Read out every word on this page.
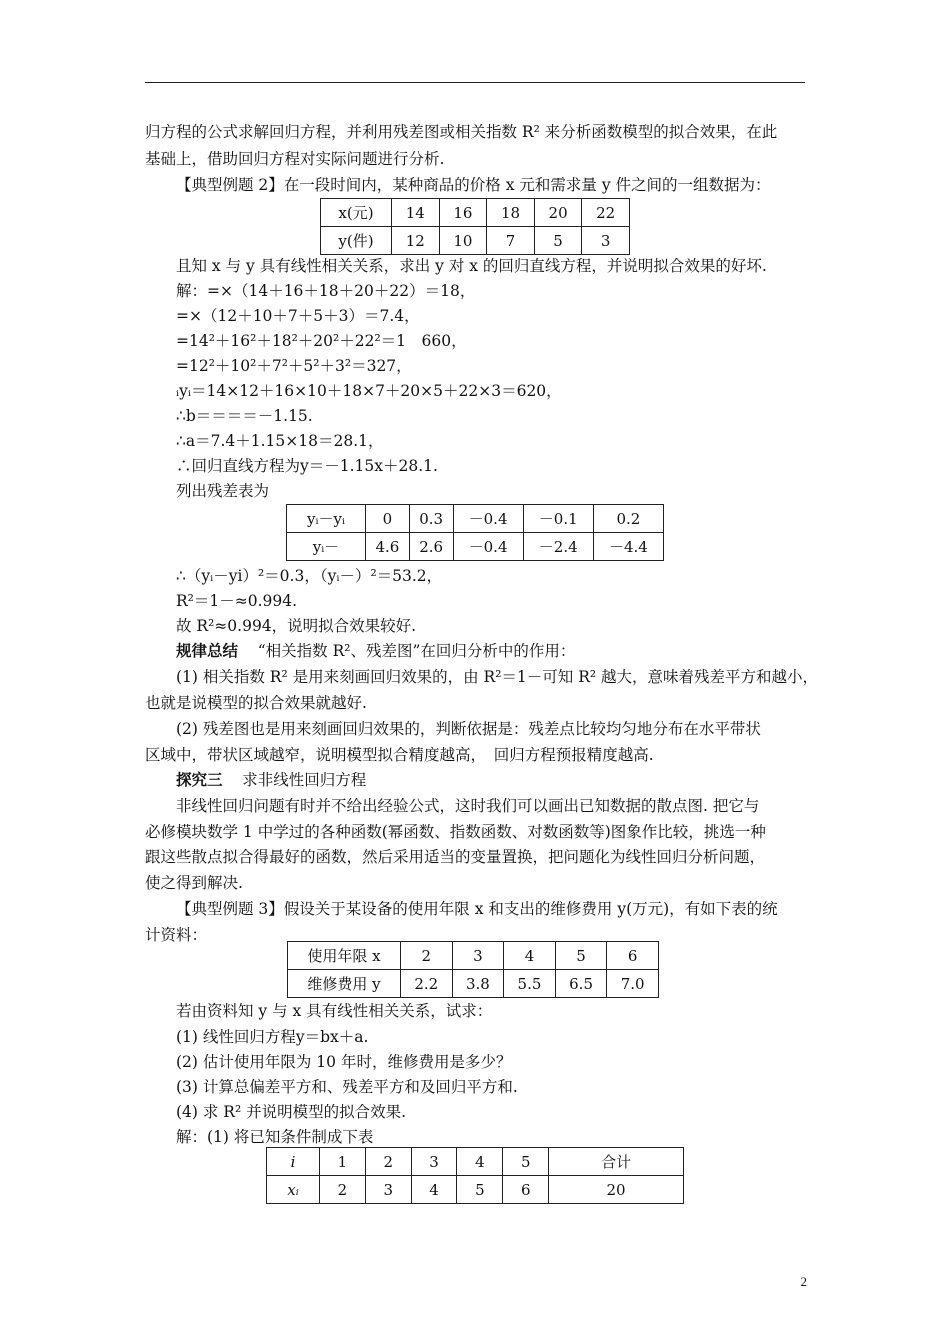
归方程的公式求解回归方程，并利用残差图或相关指数 R² 来分析函数模型的拟合效果，在此
基础上，借助回归方程对实际问题进行分析.
【典型例题 2】在一段时间内，某种商品的价格 x 元和需求量 y 件之间的一组数据为：
x(元)	14	16	18	20	22
y(件)	12	10	7	5	3
且知 x 与 y 具有线性相关关系，求出 y 对 x 的回归直线方程，并说明拟合效果的好坏.
解：=×（14＋16＋18＋20＋22）＝18，
=×（12＋10＋7＋5＋3）＝7.4，
=14²＋16²＋18²＋20²＋22²＝1　660，
=12²＋10²＋7²＋5²＋3²＝327，
ᵢyᵢ＝14×12＋16×10＋18×7＋20×5＋22×3＝620，
∴b＝＝＝＝－1.15.
∴a＝7.4＋1.15×18＝28.1，
∴回归直线方程为y＝－1.15x＋28.1.
列出残差表为
yᵢ－yᵢ	0	0.3	－0.4	－0.1	0.2
yᵢ－	4.6	2.6	－0.4	－2.4	－4.4
∴（yᵢ－yi）²＝0.3，（yᵢ－）²＝53.2，
R²＝1－≈0.994.
故 R²≈0.994，说明拟合效果较好.
规律总结 “相关指数 R²、残差图”在回归分析中的作用：
(1) 相关指数 R² 是用来刻画回归效果的，由 R²＝1－可知 R² 越大，意味着残差平方和越小，
也就是说模型的拟合效果就越好.
(2) 残差图也是用来刻画回归效果的，判断依据是：残差点比较均匀地分布在水平带状
区域中，带状区域越窄，说明模型拟合精度越高，　回归方程预报精度越高.
探究三 求非线性回归方程
非线性回归问题有时并不给出经验公式，这时我们可以画出已知数据的散点图. 把它与
必修模块数学 1 中学过的各种函数(幂函数、指数函数、对数函数等)图象作比较，挑选一种
跟这些散点拟合得最好的函数，然后采用适当的变量置换，把问题化为线性回归分析问题，
使之得到解决.
【典型例题 3】假设关于某设备的使用年限 x 和支出的维修费用 y(万元)，有如下表的统
计资料：
使用年限 x	2	3	4	5	6
维修费用 y	2.2	3.8	5.5	6.5	7.0
若由资料知 y 与 x 具有线性相关关系，试求：
(1) 线性回归方程y＝bx＋a.
(2) 估计使用年限为 10 年时，维修费用是多少？
(3) 计算总偏差平方和、残差平方和及回归平方和.
(4) 求 R² 并说明模型的拟合效果.
解：(1) 将已知条件制成下表
i	1	2	3	4	5	合计
xᵢ	2	3	4	5	6	20
2
